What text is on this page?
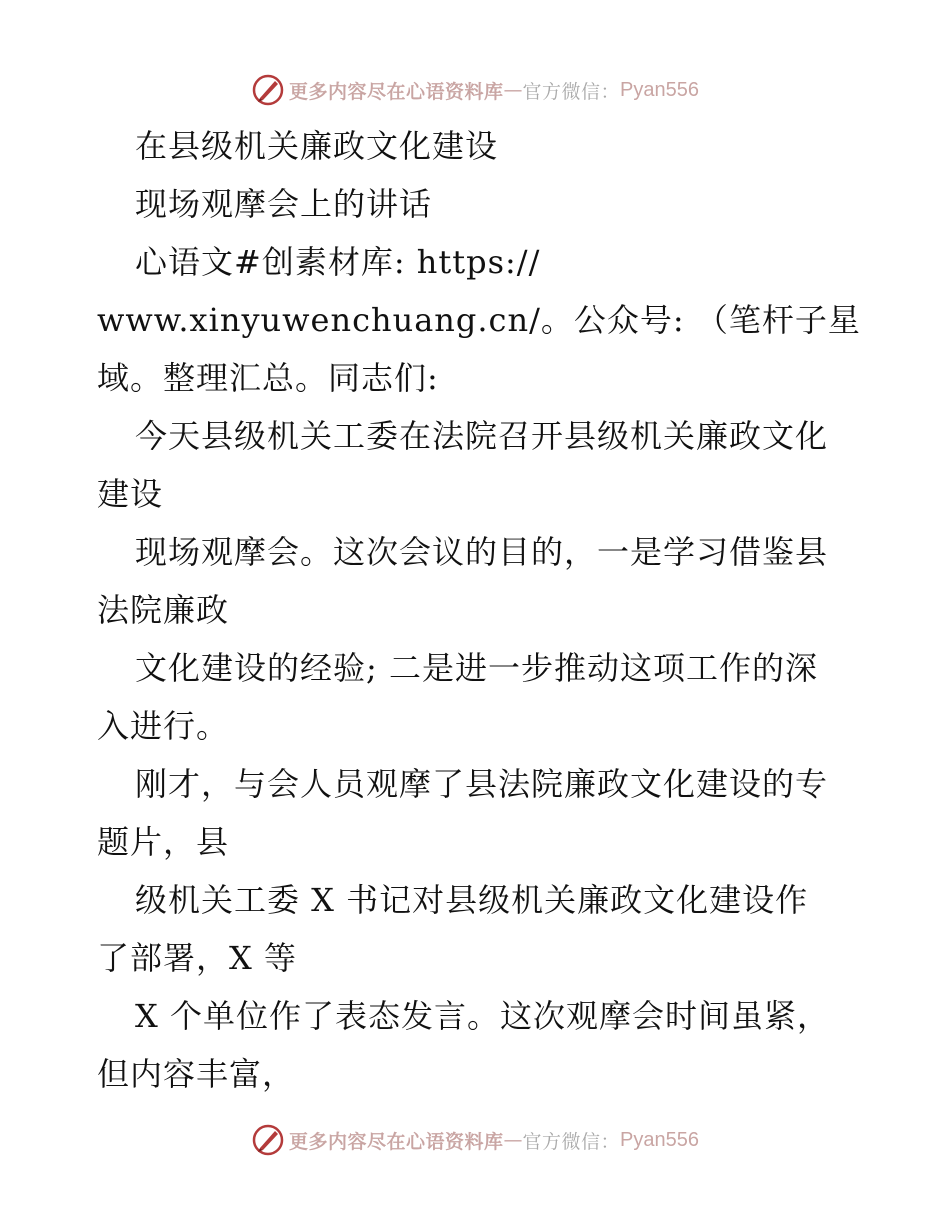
更多内容尽在心语资料库 — 官方微信： Pyan556
在县级机关廉政文化建设
现场观摩会上的讲话
心语文#创素材库: https://
www.xinyuwenchuang.cn/。公众号: （笔杆子星
域。整理汇总。同志们:
今天县级机关工委在法院召开县级机关廉政文化
建设
现场观摩会。这次会议的目的，一是学习借鉴县
法院廉政
文化建设的经验; 二是进一步推动这项工作的深
入进行。
刚才，与会人员观摩了县法院廉政文化建设的专
题片，县
级机关工委 X 书记对县级机关廉政文化建设作
了部署，X 等
X 个单位作了表态发言。这次观摩会时间虽紧，
但内容丰富，
更多内容尽在心语资料库 — 官方微信： Pyan556
